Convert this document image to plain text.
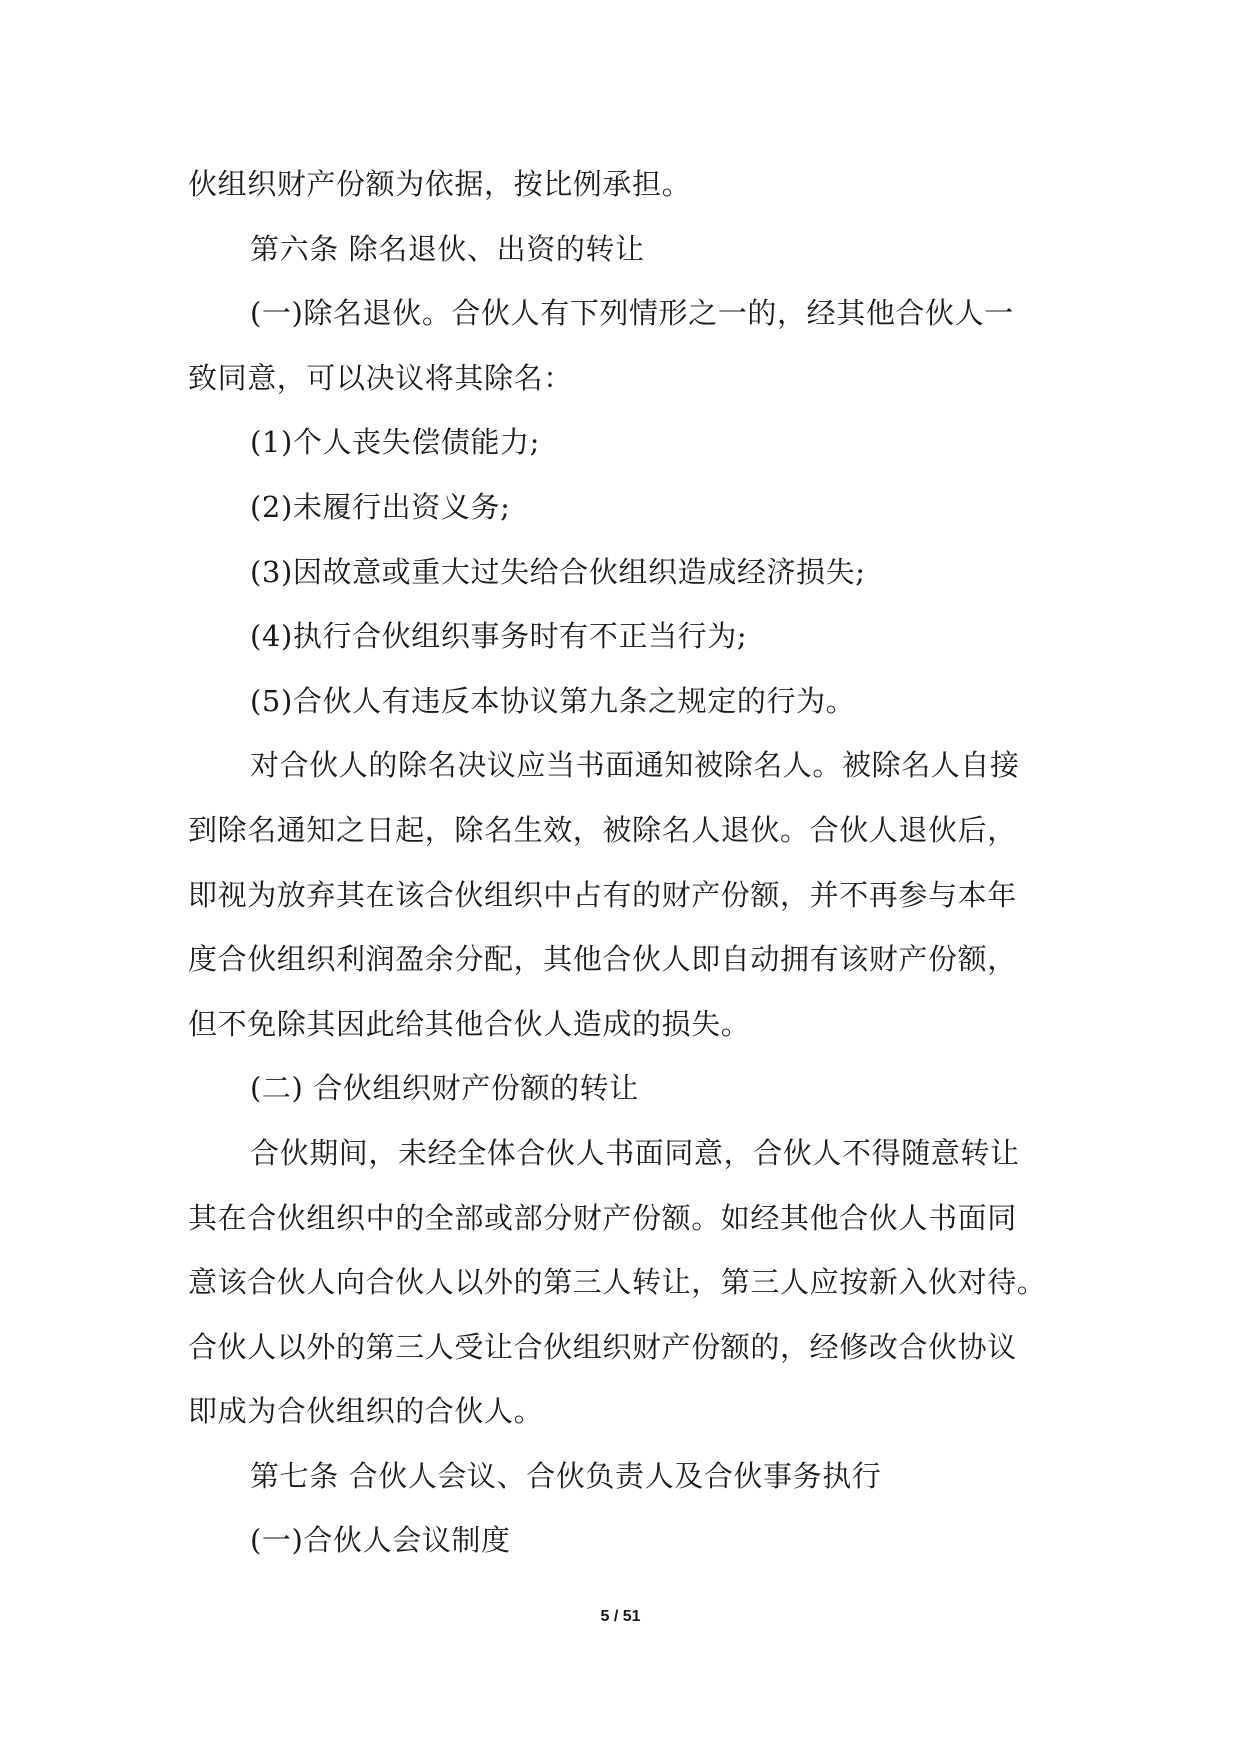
伙组织财产份额为依据，按比例承担。
第六条 除名退伙、出资的转让
(一)除名退伙。合伙人有下列情形之一的，经其他合伙人一
致同意，可以决议将其除名：
(1)个人丧失偿债能力;
(2)未履行出资义务;
(3)因故意或重大过失给合伙组织造成经济损失;
(4)执行合伙组织事务时有不正当行为;
(5)合伙人有违反本协议第九条之规定的行为。
对合伙人的除名决议应当书面通知被除名人。被除名人自接
到除名通知之日起，除名生效，被除名人退伙。合伙人退伙后，
即视为放弃其在该合伙组织中占有的财产份额，并不再参与本年
度合伙组织利润盈余分配，其他合伙人即自动拥有该财产份额，
但不免除其因此给其他合伙人造成的损失。
(二) 合伙组织财产份额的转让
合伙期间，未经全体合伙人书面同意，合伙人不得随意转让
其在合伙组织中的全部或部分财产份额。如经其他合伙人书面同
意该合伙人向合伙人以外的第三人转让，第三人应按新入伙对待。
合伙人以外的第三人受让合伙组织财产份额的，经修改合伙协议
即成为合伙组织的合伙人。
第七条 合伙人会议、合伙负责人及合伙事务执行
(一)合伙人会议制度
5 / 51
